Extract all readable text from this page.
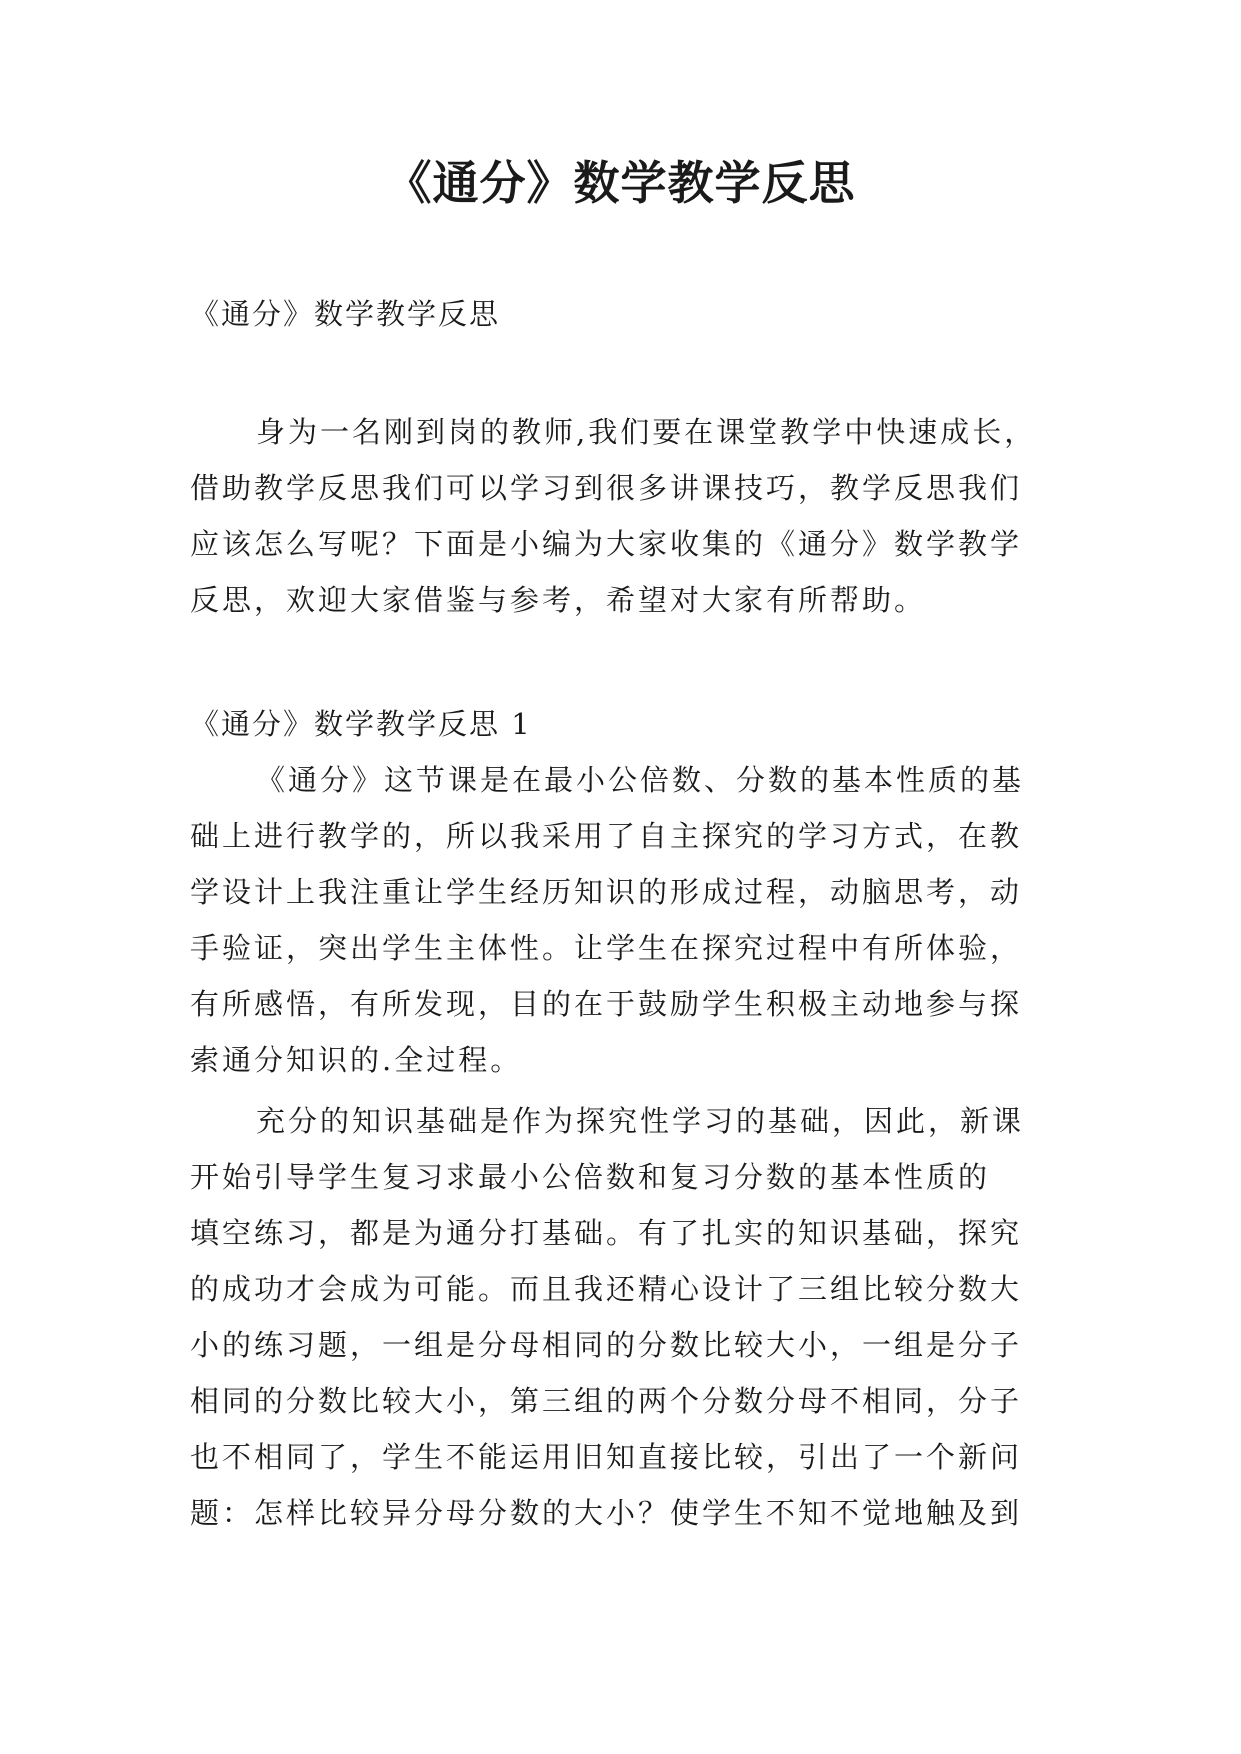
《通分》数学教学反思

《通分》数学教学反思

身为一名刚到岗的教师,我们要在课堂教学中快速成长，
借助教学反思我们可以学习到很多讲课技巧，教学反思我们
应该怎么写呢？下面是小编为大家收集的《通分》数学教学
反思，欢迎大家借鉴与参考，希望对大家有所帮助。

《通分》数学教学反思 1

《通分》这节课是在最小公倍数、分数的基本性质的基
础上进行教学的，所以我采用了自主探究的学习方式，在教
学设计上我注重让学生经历知识的形成过程，动脑思考，动
手验证，突出学生主体性。让学生在探究过程中有所体验，
有所感悟，有所发现，目的在于鼓励学生积极主动地参与探
索通分知识的.全过程。
充分的知识基础是作为探究性学习的基础，因此，新课
开始引导学生复习求最小公倍数和复习分数的基本性质的
填空练习，都是为通分打基础。有了扎实的知识基础，探究
的成功才会成为可能。而且我还精心设计了三组比较分数大
小的练习题，一组是分母相同的分数比较大小，一组是分子
相同的分数比较大小，第三组的两个分数分母不相同，分子
也不相同了，学生不能运用旧知直接比较，引出了一个新问
题：怎样比较异分母分数的大小？使学生不知不觉地触及到
